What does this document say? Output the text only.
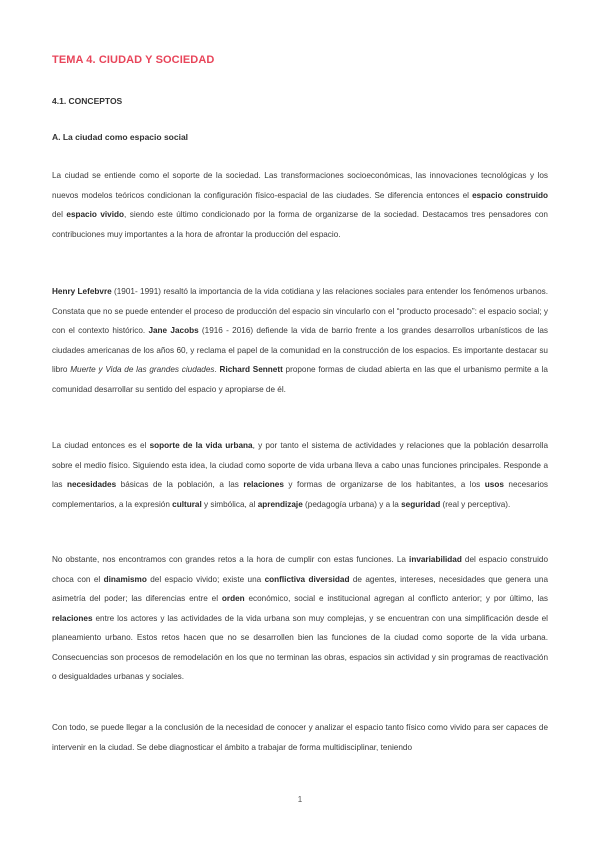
TEMA 4. CIUDAD Y SOCIEDAD
4.1. CONCEPTOS
A. La ciudad como espacio social

La ciudad se entiende como el soporte de la sociedad. Las transformaciones socioeconómicas, las innovaciones tecnológicas y los nuevos modelos teóricos condicionan la configuración físico-espacial de las ciudades. Se diferencia entonces el espacio construido del espacio vivido, siendo este último condicionado por la forma de organizarse de la sociedad. Destacamos tres pensadores con contribuciones muy importantes a la hora de afrontar la producción del espacio.

Henry Lefebvre (1901- 1991) resaltó la importancia de la vida cotidiana y las relaciones sociales para entender los fenómenos urbanos. Constata que no se puede entender el proceso de producción del espacio sin vincularlo con el “producto procesado”: el espacio social; y con el contexto histórico. Jane Jacobs (1916 - 2016) defiende la vida de barrio frente a los grandes desarrollos urbanísticos de las ciudades americanas de los años 60, y reclama el papel de la comunidad en la construcción de los espacios. Es importante destacar su libro Muerte y Vida de las grandes ciudades. Richard Sennett propone formas de ciudad abierta en las que el urbanismo permite a la comunidad desarrollar su sentido del espacio y apropiarse de él.

La ciudad entonces es el soporte de la vida urbana, y por tanto el sistema de actividades y relaciones que la población desarrolla sobre el medio físico. Siguiendo esta idea, la ciudad como soporte de vida urbana lleva a cabo unas funciones principales. Responde a las necesidades básicas de la población, a las relaciones y formas de organizarse de los habitantes, a los usos necesarios complementarios, a la expresión cultural y simbólica, al aprendizaje (pedagogía urbana) y a la seguridad (real y perceptiva).

No obstante, nos encontramos con grandes retos a la hora de cumplir con estas funciones. La invariabilidad del espacio construido choca con el dinamismo del espacio vivido; existe una conflictiva diversidad de agentes, intereses, necesidades que genera una asimetría del poder; las diferencias entre el orden económico, social e institucional agregan al conflicto anterior; y por último, las relaciones entre los actores y las actividades de la vida urbana son muy complejas, y se encuentran con una simplificación desde el planeamiento urbano. Estos retos hacen que no se desarrollen bien las funciones de la ciudad como soporte de la vida urbana. Consecuencias son procesos de remodelación en los que no terminan las obras, espacios sin actividad y sin programas de reactivación o desigualdades urbanas y sociales.

Con todo, se puede llegar a la conclusión de la necesidad de conocer y analizar el espacio tanto físico como vivido para ser capaces de intervenir en la ciudad. Se debe diagnosticar el ámbito a trabajar de forma multidisciplinar, teniendo

1
